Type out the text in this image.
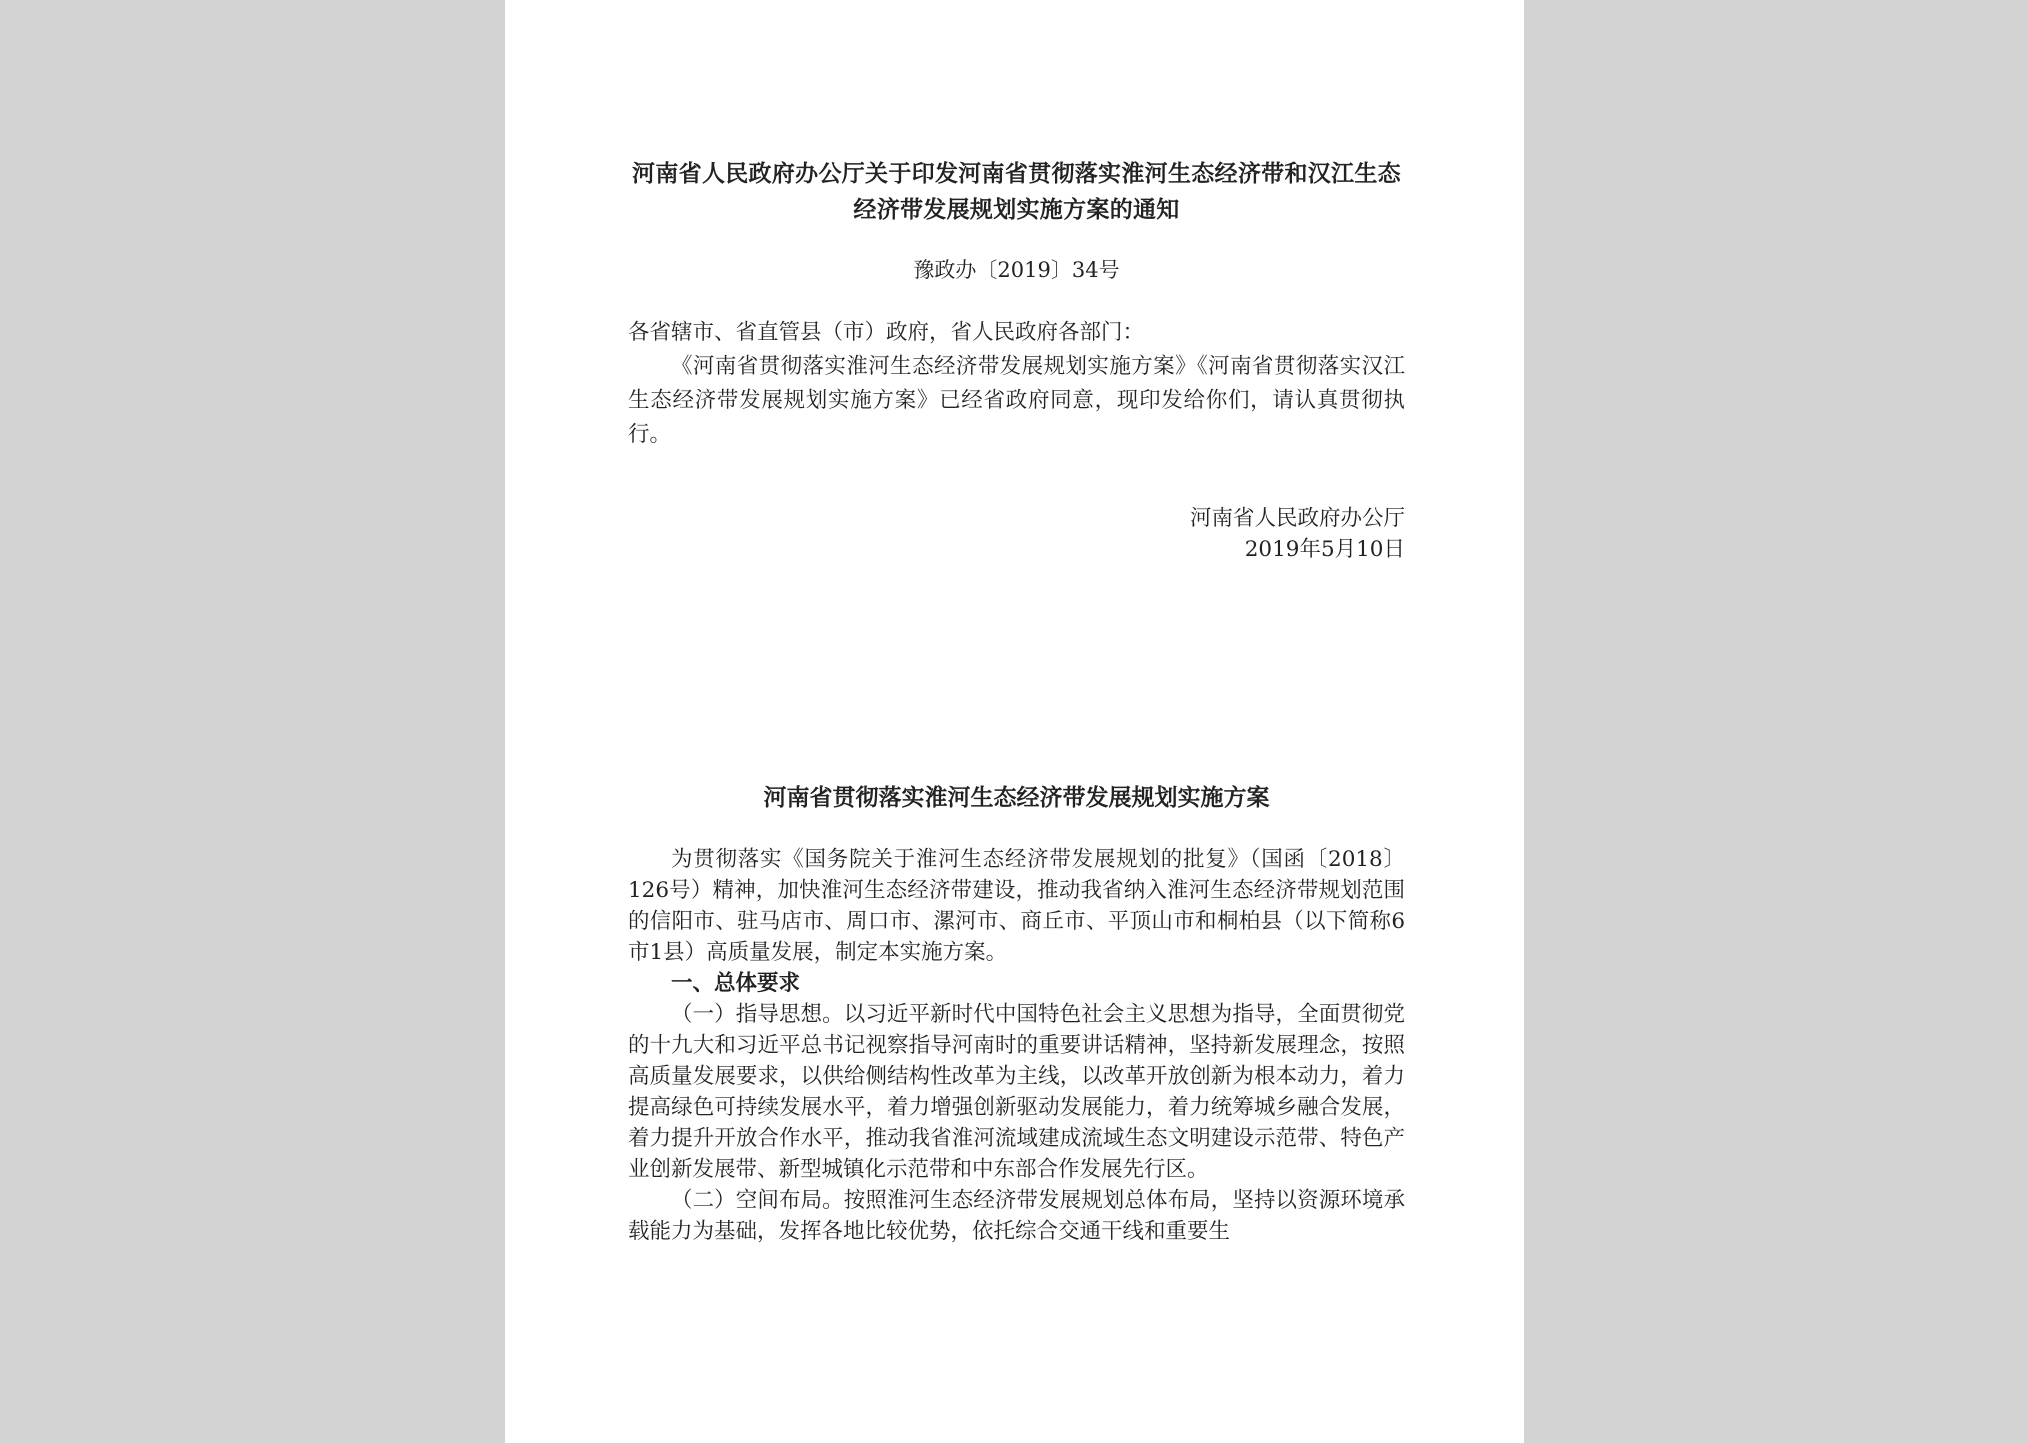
河南省人民政府办公厅关于印发河南省贯彻落实淮河生态经济带和汉江生态经济带发展规划实施方案的通知
豫政办〔2019〕34号
各省辖市、省直管县（市）政府，省人民政府各部门：
《河南省贯彻落实淮河生态经济带发展规划实施方案》《河南省贯彻落实汉江生态经济带发展规划实施方案》已经省政府同意，现印发给你们，请认真贯彻执行。
河南省人民政府办公厅
2019年5月10日
河南省贯彻落实淮河生态经济带发展规划实施方案

为贯彻落实《国务院关于淮河生态经济带发展规划的批复》（国函〔2018〕126号）精神，加快淮河生态经济带建设，推动我省纳入淮河生态经济带规划范围的信阳市、驻马店市、周口市、漯河市、商丘市、平顶山市和桐柏县（以下简称6市1县）高质量发展，制定本实施方案。

一、总体要求

（一）指导思想。以习近平新时代中国特色社会主义思想为指导，全面贯彻党的十九大和习近平总书记视察指导河南时的重要讲话精神，坚持新发展理念，按照高质量发展要求，以供给侧结构性改革为主线，以改革开放创新为根本动力，着力提高绿色可持续发展水平，着力增强创新驱动发展能力，着力统筹城乡融合发展，着力提升开放合作水平，推动我省淮河流域建成流域生态文明建设示范带、特色产业创新发展带、新型城镇化示范带和中东部合作发展先行区。

（二）空间布局。按照淮河生态经济带发展规划总体布局，坚持以资源环境承载能力为基础，发挥各地比较优势，依托综合交通干线和重要生
